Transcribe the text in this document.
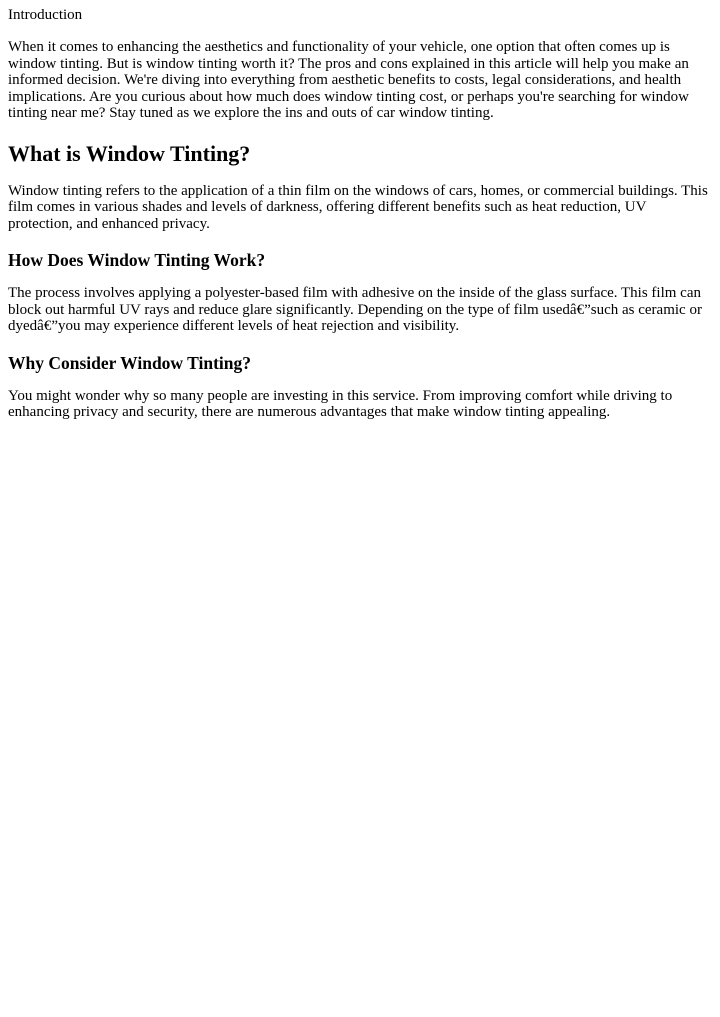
Introduction

When it comes to enhancing the aesthetics and functionality of your vehicle, one option that often comes up is window tinting. But is window tinting worth it? The pros and cons explained in this article will help you make an informed decision. We're diving into everything from aesthetic benefits to costs, legal considerations, and health implications. Are you curious about how much does window tinting cost, or perhaps you're searching for window tinting near me? Stay tuned as we explore the ins and outs of car window tinting.

What is Window Tinting?

Window tinting refers to the application of a thin film on the windows of cars, homes, or commercial buildings. This film comes in various shades and levels of darkness, offering different benefits such as heat reduction, UV protection, and enhanced privacy.

How Does Window Tinting Work?

The process involves applying a polyester-based film with adhesive on the inside of the glass surface. This film can block out harmful UV rays and reduce glare significantly. Depending on the type of film usedâ€”such as ceramic or dyedâ€”you may experience different levels of heat rejection and visibility.

Why Consider Window Tinting?

You might wonder why so many people are investing in this service. From improving comfort while driving to enhancing privacy and security, there are numerous advantages that make window tinting appealing.
